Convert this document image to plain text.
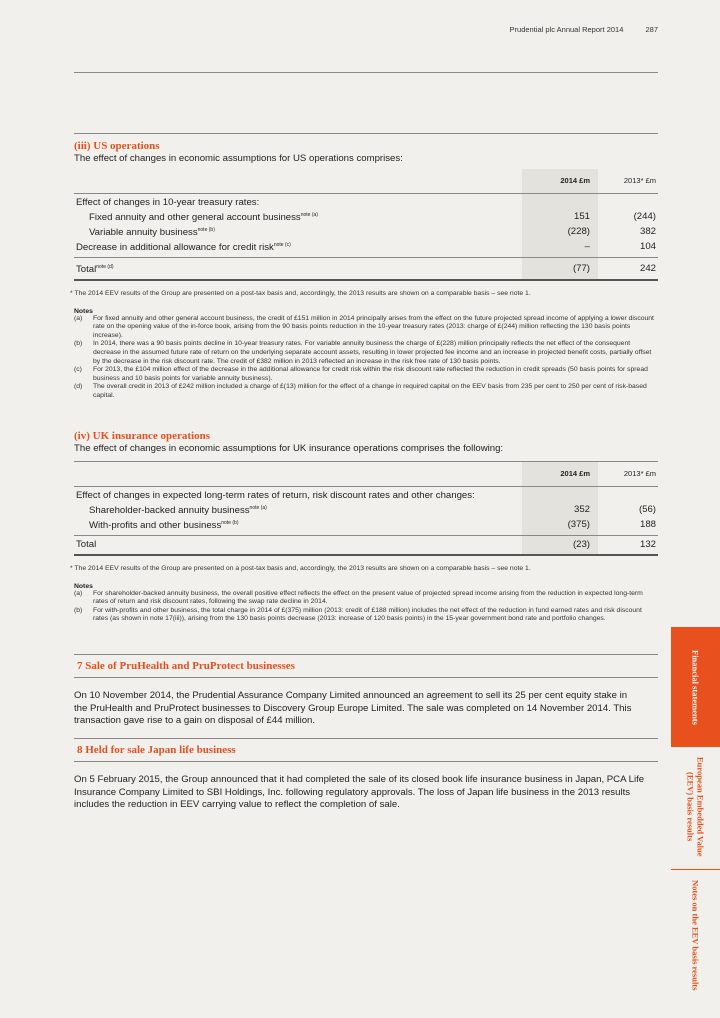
Prudential plc Annual Report 2014	287
(iii) US operations
The effect of changes in economic assumptions for US operations comprises:
	2014 £m	2013* £m
Effect of changes in 10-year treasury rates:		
Fixed annuity and other general account business$^{note (a)}$	151	(244)
Variable annuity business$^{note (b)}$	(228)	382
Decrease in additional allowance for credit risk$^{note (c)}$	–	104
Total$^{note (d)}$	(77)	242
* The 2014 EEV results of the Group are presented on a post-tax basis and, accordingly, the 2013 results are shown on a comparable basis – see note 1.
Notes
(a)	For fixed annuity and other general account business, the credit of £151 million in 2014 principally arises from the effect on the future projected spread income of applying a lower discount rate on the opening value of the in-force book, arising from the 90 basis points reduction in the 10-year treasury rates (2013: charge of £(244) million reflecting the 130 basis points increase).
(b)	In 2014, there was a 90 basis points decline in 10-year treasury rates. For variable annuity business the charge of £(228) million principally reflects the net effect of the consequent decrease in the assumed future rate of return on the underlying separate account assets, resulting in lower projected fee income and an increase in projected benefit costs, partially offset by the decrease in the risk discount rate. The credit of £382 million in 2013 reflected an increase in the risk free rate of 130 basis points.
(c)	For 2013, the £104 million effect of the decrease in the additional allowance for credit risk within the risk discount rate reflected the reduction in credit spreads (50 basis points for spread business and 10 basis points for variable annuity business).
(d)	The overall credit in 2013 of £242 million included a charge of £(13) million for the effect of a change in required capital on the EEV basis from 235 per cent to 250 per cent of risk-based capital.
(iv) UK insurance operations
The effect of changes in economic assumptions for UK insurance operations comprises the following:
	2014 £m	2013* £m
Effect of changes in expected long-term rates of return, risk discount rates and other changes:		
Shareholder-backed annuity business$^{note (a)}$	352	(56)
With-profits and other business$^{note (b)}$	(375)	188
Total	(23)	132
* The 2014 EEV results of the Group are presented on a post-tax basis and, accordingly, the 2013 results are shown on a comparable basis – see note 1.
Notes
(a)	For shareholder-backed annuity business, the overall positive effect reflects the effect on the present value of projected spread income arising from the reduction in expected long-term rates of return and risk discount rates, following the swap rate decline in 2014.
(b)	For with-profits and other business, the total charge in 2014 of £(375) million (2013: credit of £188 million) includes the net effect of the reduction in fund earned rates and risk discount rates (as shown in note 17(iii)), arising from the 130 basis points decrease (2013: increase of 120 basis points) in the 15-year government bond rate and portfolio changes.
7 Sale of PruHealth and PruProtect businesses
On 10 November 2014, the Prudential Assurance Company Limited announced an agreement to sell its 25 per cent equity stake in the PruHealth and PruProtect businesses to Discovery Group Europe Limited. The sale was completed on 14 November 2014. This transaction gave rise to a gain on disposal of £44 million.
8 Held for sale Japan life business
On 5 February 2015, the Group announced that it had completed the sale of its closed book life insurance business in Japan, PCA Life Insurance Company Limited to SBI Holdings, Inc. following regulatory approvals. The loss of Japan life business in the 2013 results includes the reduction in EEV carrying value to reflect the completion of sale.
Financial statements
European Embedded Value (EEV) basis results
Notes on the EEV basis results
